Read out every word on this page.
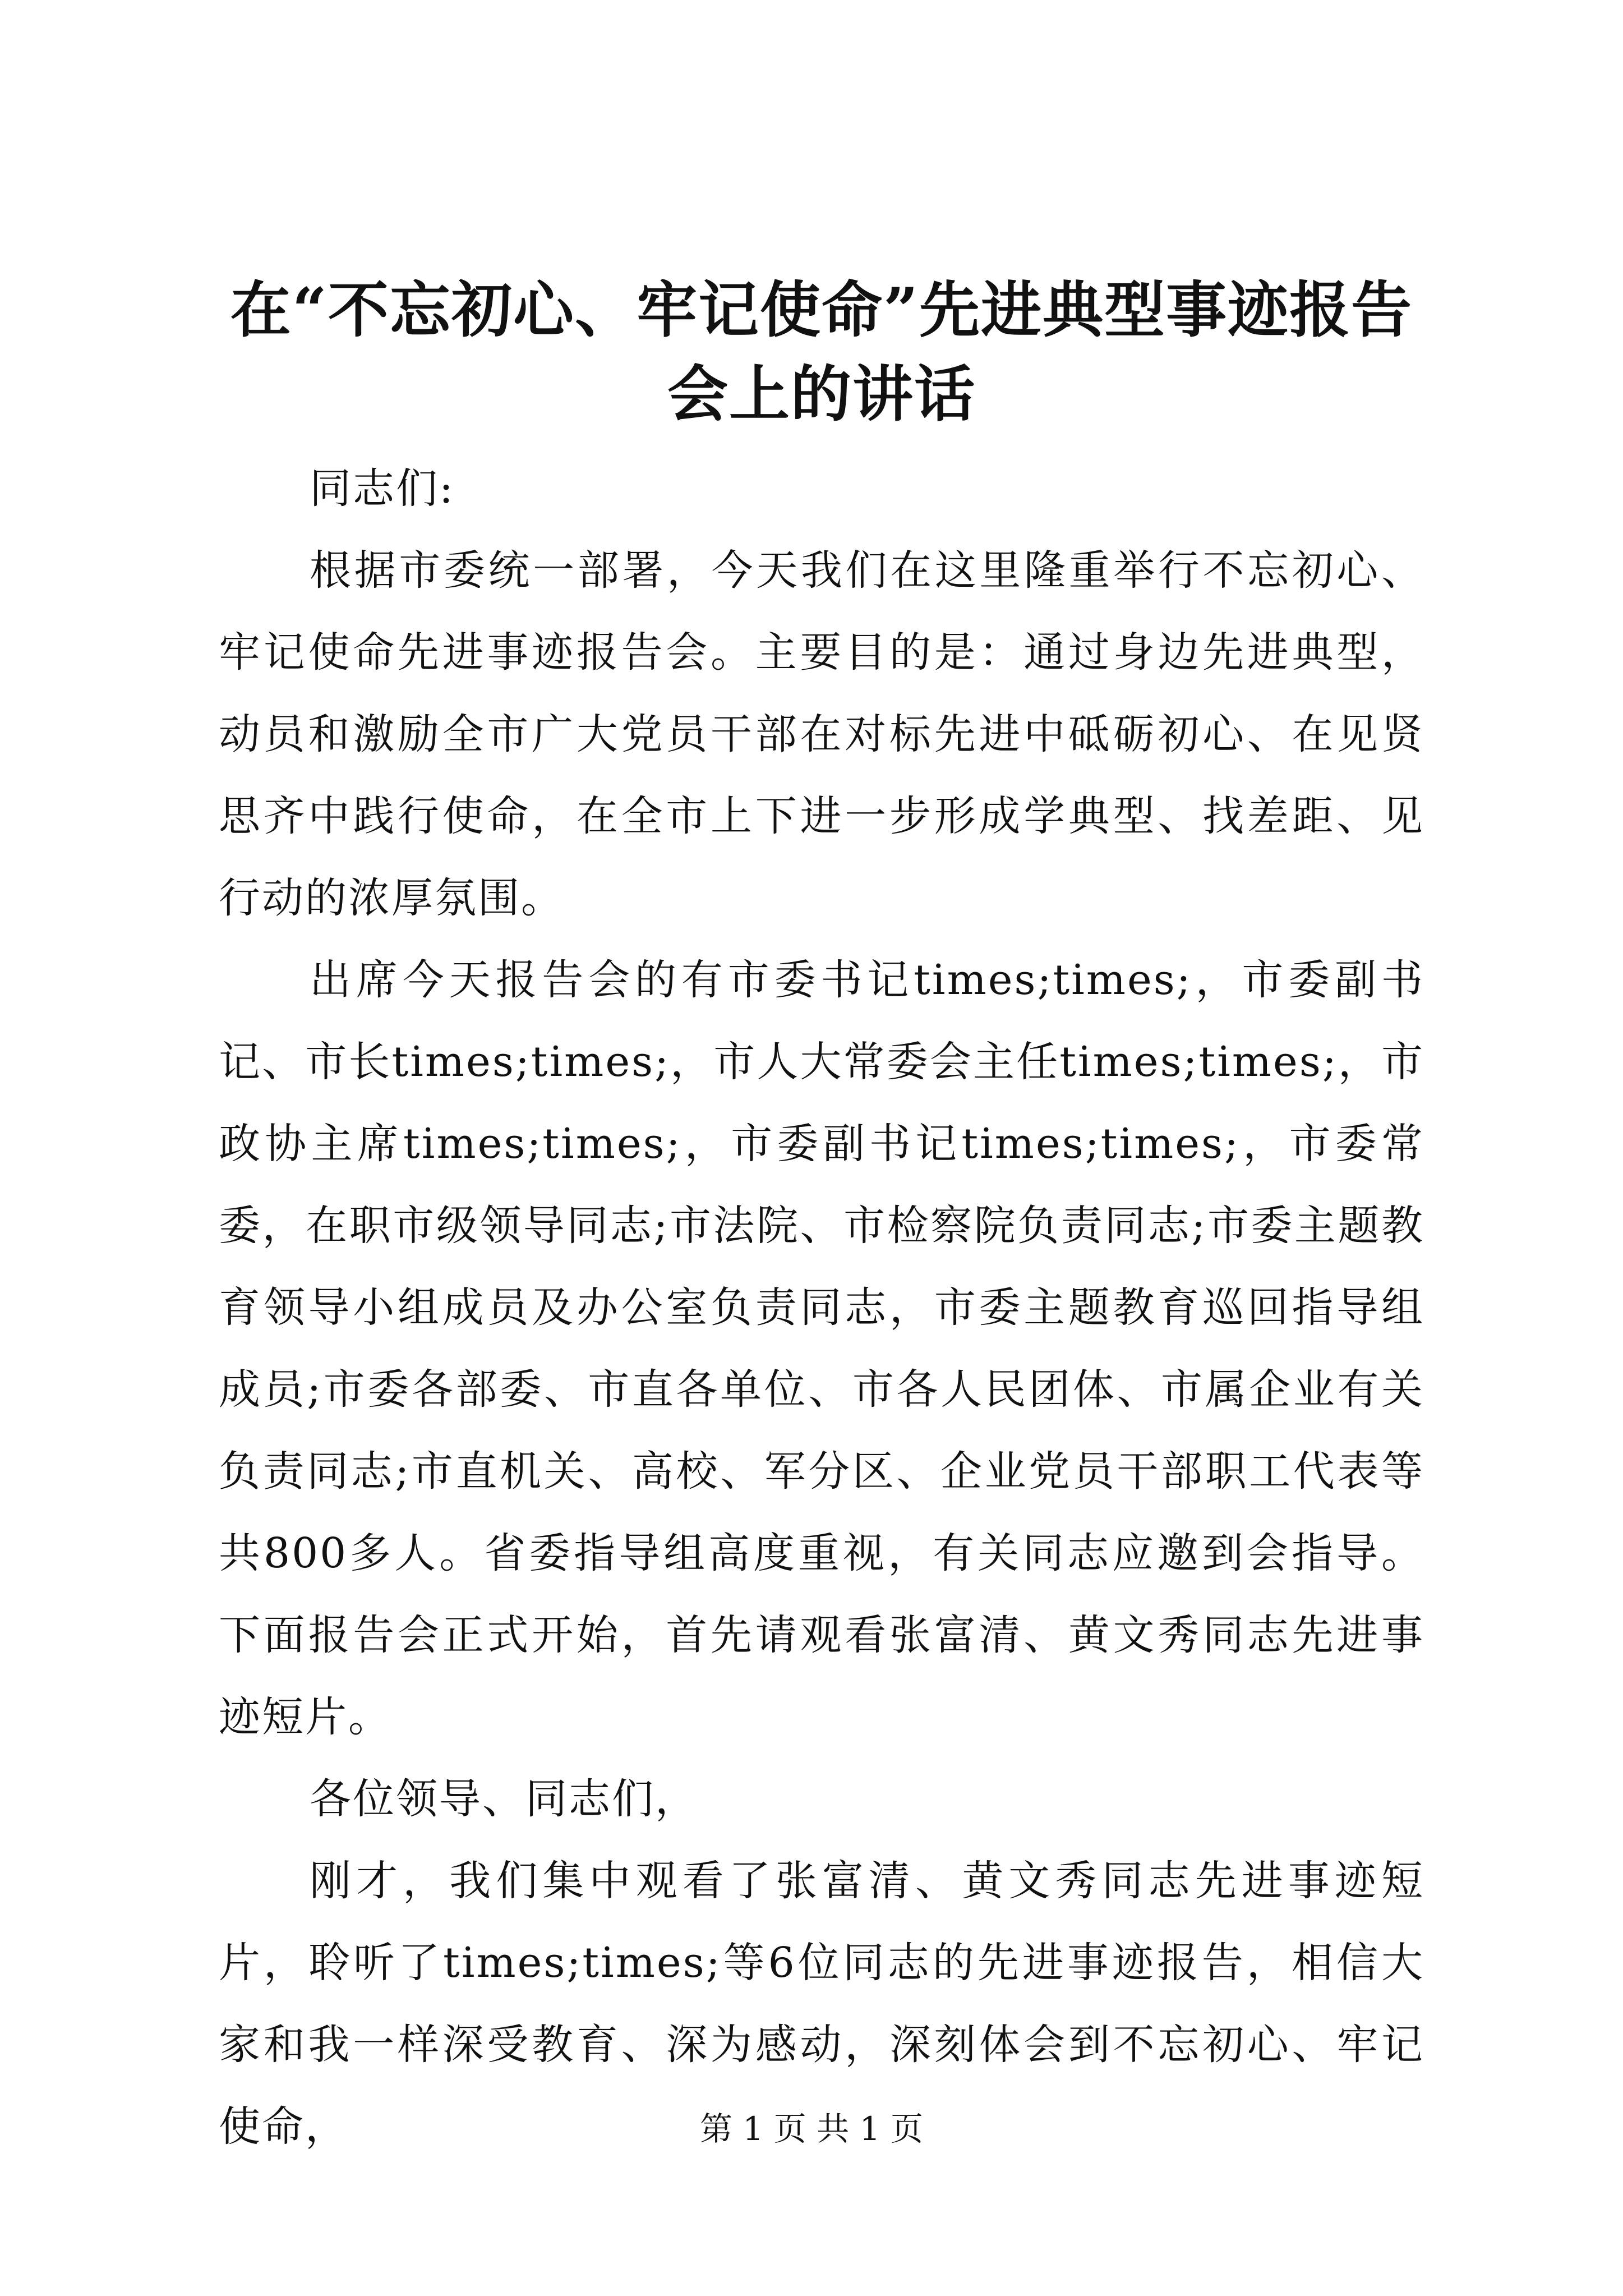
在“不忘初心、牢记使命”先进典型事迹报告会上的讲话

同志们:

根据市委统一部署，今天我们在这里隆重举行不忘初心、牢记使命先进事迹报告会。主要目的是：通过身边先进典型，动员和激励全市广大党员干部在对标先进中砥砺初心、在见贤思齐中践行使命，在全市上下进一步形成学典型、找差距、见行动的浓厚氛围。

出席今天报告会的有市委书记times;times;，市委副书记、市长times;times;，市人大常委会主任times;times;，市政协主席times;times;，市委副书记times;times;，市委常委，在职市级领导同志;市法院、市检察院负责同志;市委主题教育领导小组成员及办公室负责同志，市委主题教育巡回指导组成员;市委各部委、市直各单位、市各人民团体、市属企业有关负责同志;市直机关、高校、军分区、企业党员干部职工代表等共800多人。省委指导组高度重视，有关同志应邀到会指导。下面报告会正式开始，首先请观看张富清、黄文秀同志先进事迹短片。

各位领导、同志们，

刚才，我们集中观看了张富清、黄文秀同志先进事迹短片，聆听了times;times;等6位同志的先进事迹报告，相信大家和我一样深受教育、深为感动，深刻体会到不忘初心、牢记使命，	第 1 页 共 1 页
